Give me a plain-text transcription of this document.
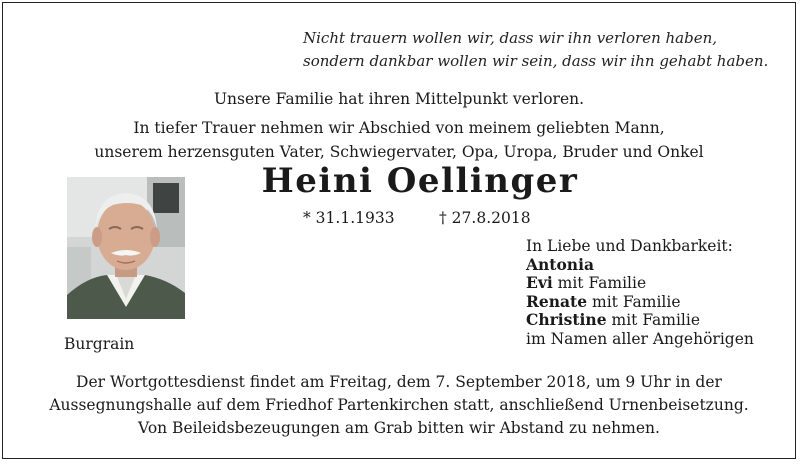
Nicht trauern wollen wir, dass wir ihn verloren haben,
sondern dankbar wollen wir sein, dass wir ihn gehabt haben.
Unsere Familie hat ihren Mittelpunkt verloren.
In tiefer Trauer nehmen wir Abschied von meinem geliebten Mann,
unserem herzensguten Vater, Schwiegervater, Opa, Uropa, Bruder und Onkel
Heini Oellinger
* 31.1.1933	† 27.8.2018
Burgrain
In Liebe und Dankbarkeit:
Antonia
Evi mit Familie
Renate mit Familie
Christine mit Familie
im Namen aller Angehörigen
Der Wortgottesdienst findet am Freitag, dem 7. September 2018, um 9 Uhr in der
Aussegnungshalle auf dem Friedhof Partenkirchen statt, anschließend Urnenbeisetzung.
Von Beileidsbezeugungen am Grab bitten wir Abstand zu nehmen.
